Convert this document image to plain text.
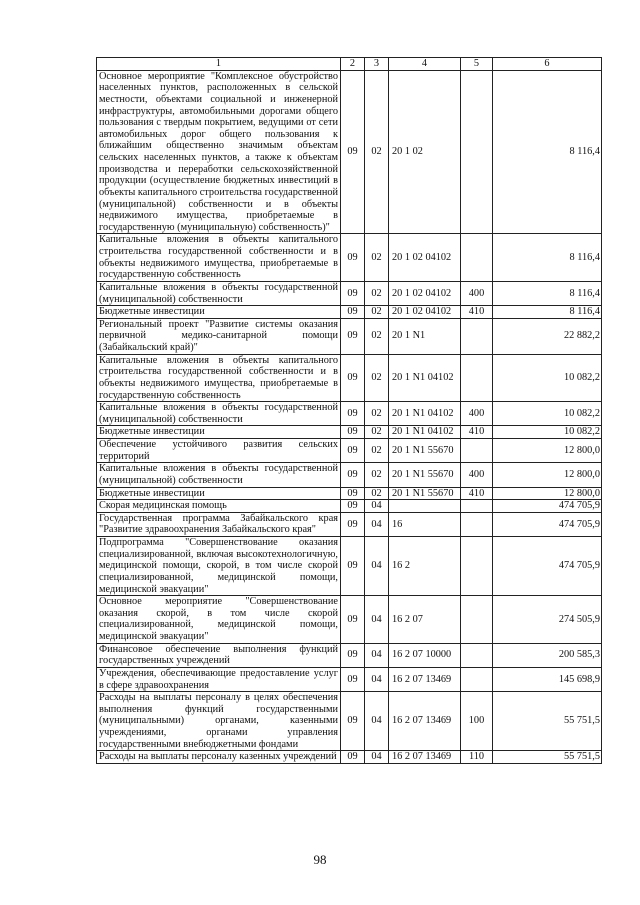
1	2	3	4	5	6
Основное мероприятие "Комплексное обустройство населенных пунктов, расположенных в сельской местности, объектами социальной и инженерной инфраструктуры, автомобильными дорогами общего пользования с твердым покрытием, ведущими от сети автомобильных дорог общего пользования к ближайшим общественно значимым объектам сельских населенных пунктов, а также к объектам производства и переработки сельскохозяйственной продукции (осуществление бюджетных инвестиций в объекты капитального строительства государственной (муниципальной) собственности и в объекты недвижимого имущества, приобретаемые в государственную (муниципальную) собственность)"	09	02	20 1 02		8 116,4
Капитальные вложения в объекты капитального строительства государственной собственности и в объекты недвижимого имущества, приобретаемые в государственную собственность	09	02	20 1 02 04102		8 116,4
Капитальные вложения в объекты государственной (муниципальной) собственности	09	02	20 1 02 04102	400	8 116,4
Бюджетные инвестиции	09	02	20 1 02 04102	410	8 116,4
Региональный проект "Развитие системы оказания первичной медико-санитарной помощи (Забайкальский край)"	09	02	20 1 N1		22 882,2
Капитальные вложения в объекты капитального строительства государственной собственности и в объекты недвижимого имущества, приобретаемые в государственную собственность	09	02	20 1 N1 04102		10 082,2
Капитальные вложения в объекты государственной (муниципальной) собственности	09	02	20 1 N1 04102	400	10 082,2
Бюджетные инвестиции	09	02	20 1 N1 04102	410	10 082,2
Обеспечение устойчивого развития сельских территорий	09	02	20 1 N1 55670		12 800,0
Капитальные вложения в объекты государственной (муниципальной) собственности	09	02	20 1 N1 55670	400	12 800,0
Бюджетные инвестиции	09	02	20 1 N1 55670	410	12 800,0
Скорая медицинская помощь	09	04			474 705,9
Государственная программа Забайкальского края "Развитие здравоохранения Забайкальского края"	09	04	16		474 705,9
Подпрограмма "Совершенствование оказания специализированной, включая высокотехнологичную, медицинской помощи, скорой, в том числе скорой специализированной, медицинской помощи, медицинской эвакуации"	09	04	16 2		474 705,9
Основное мероприятие "Совершенствование оказания скорой, в том числе скорой специализированной, медицинской помощи, медицинской эвакуации"	09	04	16 2 07		274 505,9
Финансовое обеспечение выполнения функций государственных учреждений	09	04	16 2 07 10000		200 585,3
Учреждения, обеспечивающие предоставление услуг в сфере здравоохранения	09	04	16 2 07 13469		145 698,9
Расходы на выплаты персоналу в целях обеспечения выполнения функций государственными (муниципальными) органами, казенными учреждениями, органами управления государственными внебюджетными фондами	09	04	16 2 07 13469	100	55 751,5
Расходы на выплаты персоналу казенных учреждений	09	04	16 2 07 13469	110	55 751,5
98
